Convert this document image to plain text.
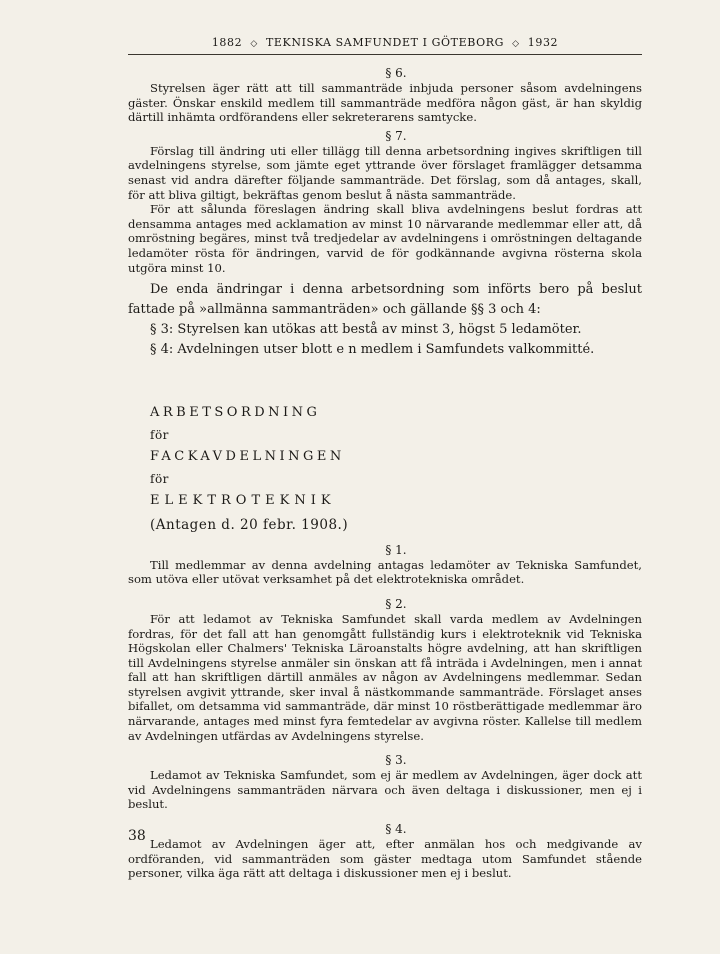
1882 ◇ TEKNISKA SAMFUNDET I GÖTEBORG ◇ 1932

§ 6.

Styrelsen äger rätt att till sammanträde inbjuda personer såsom avdelningens gäster. Önskar enskild medlem till sammanträde medföra någon gäst, är han skyldig därtill inhämta ordförandens eller sekreterarens samtycke.

§ 7.

Förslag till ändring uti eller tillägg till denna arbetsordning ingives skriftligen till avdelningens styrelse, som jämte eget yttrande över förslaget framlägger detsamma senast vid andra därefter följande sammanträde. Det förslag, som då antages, skall, för att bliva giltigt, bekräftas genom beslut å nästa sammanträde.

För att sålunda föreslagen ändring skall bliva avdelningens beslut fordras att densamma antages med acklamation av minst 10 närvarande medlemmar eller att, då omröstning begäres, minst två tredjedelar av avdelningens i omröstningen deltagande ledamöter rösta för ändringen, varvid de för godkännande avgivna rösterna skola utgöra minst 10.

De enda ändringar i denna arbetsordning som införts bero på beslut fattade på »allmänna sammanträden» och gällande §§ 3 och 4:

§ 3: Styrelsen kan utökas att bestå av minst 3, högst 5 ledamöter.

§ 4: Avdelningen utser blott e n medlem i Samfundets valkommitté.

ARBETSORDNING

för

FACKAVDELNINGEN

för

ELEKTROTEKNIK

(Antagen d. 20 febr. 1908.)

§ 1.

Till medlemmar av denna avdelning antagas ledamöter av Tekniska Samfundet, som utöva eller utövat verksamhet på det elektrotekniska området.

§ 2.

För att ledamot av Tekniska Samfundet skall varda medlem av Avdelningen fordras, för det fall att han genomgått fullständig kurs i elektroteknik vid Tekniska Högskolan eller Chalmers' Tekniska Läroanstalts högre avdelning, att han skriftligen till Avdelningens styrelse anmäler sin önskan att få inträda i Avdelningen, men i annat fall att han skriftligen därtill anmäles av någon av Avdelningens medlemmar. Sedan styrelsen avgivit yttrande, sker inval å nästkommande sammanträde. Förslaget anses bifallet, om detsamma vid sammanträde, där minst 10 röstberättigade medlemmar äro närvarande, antages med minst fyra femtedelar av avgivna röster. Kallelse till medlem av Avdelningen utfärdas av Avdelningens styrelse.

§ 3.

Ledamot av Tekniska Samfundet, som ej är medlem av Avdelningen, äger dock att vid Avdelningens sammanträden närvara och även deltaga i diskussioner, men ej i beslut.

§ 4.

Ledamot av Avdelningen äger att, efter anmälan hos och medgivande av ordföranden, vid sammanträden som gäster medtaga utom Samfundet stående personer, vilka äga rätt att deltaga i diskussioner men ej i beslut.

38
